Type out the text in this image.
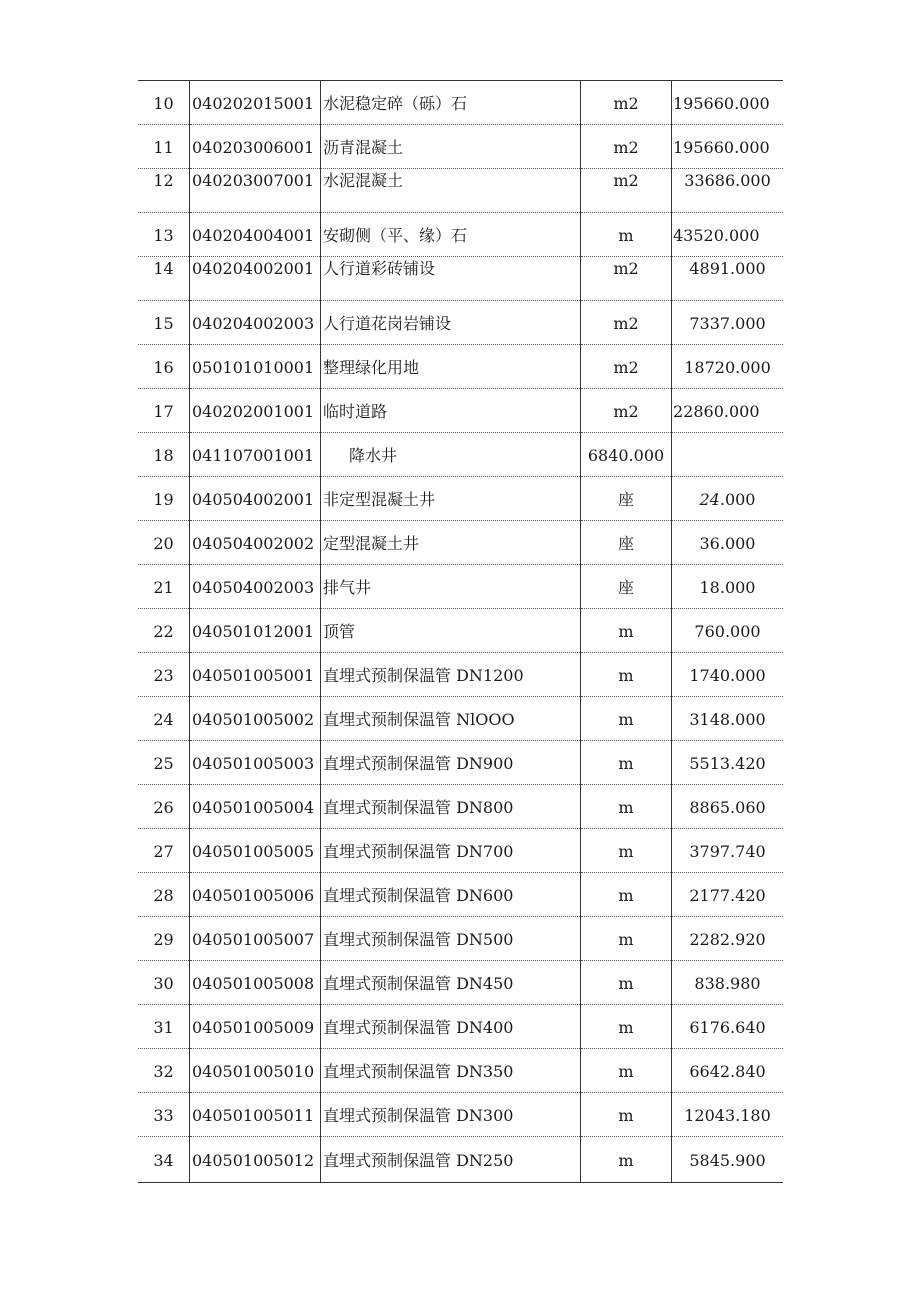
10	040202015001	水泥稳定碎（砾）石	m2	195660.000

11	040203006001	沥青混凝土	m2	195660.000

12	040203007001	水泥混凝土	m2	33686.000

13	040204004001	安砌侧（平、缘）石	m	43520.000

14	040204002001	人行道彩砖铺设	m2	4891.000

15	040204002003	人行道花岗岩铺设	m2	7337.000

16	050101010001	整理绿化用地	m2	18720.000

17	040202001001	临时道路	m2	22860.000

18	041107001001	降水井	6840.000	

19	040504002001	非定型混凝土井	座	24.000

20	040504002002	定型混凝土井	座	36.000

21	040504002003	排气井	座	18.000

22	040501012001	顶管	m	760.000

23	040501005001	直埋式预制保温管 DN1200	m	1740.000

24	040501005002	直埋式预制保温管 NlOOO	m	3148.000

25	040501005003	直埋式预制保温管 DN900	m	5513.420

26	040501005004	直埋式预制保温管 DN800	m	8865.060

27	040501005005	直埋式预制保温管 DN700	m	3797.740

28	040501005006	直埋式预制保温管 DN600	m	2177.420

29	040501005007	直埋式预制保温管 DN500	m	2282.920

30	040501005008	直埋式预制保温管 DN450	m	838.980

31	040501005009	直埋式预制保温管 DN400	m	6176.640

32	040501005010	直埋式预制保温管 DN350	m	6642.840

33	040501005011	直埋式预制保温管 DN300	m	12043.180

34	040501005012	直埋式预制保温管 DN250	m	5845.900
